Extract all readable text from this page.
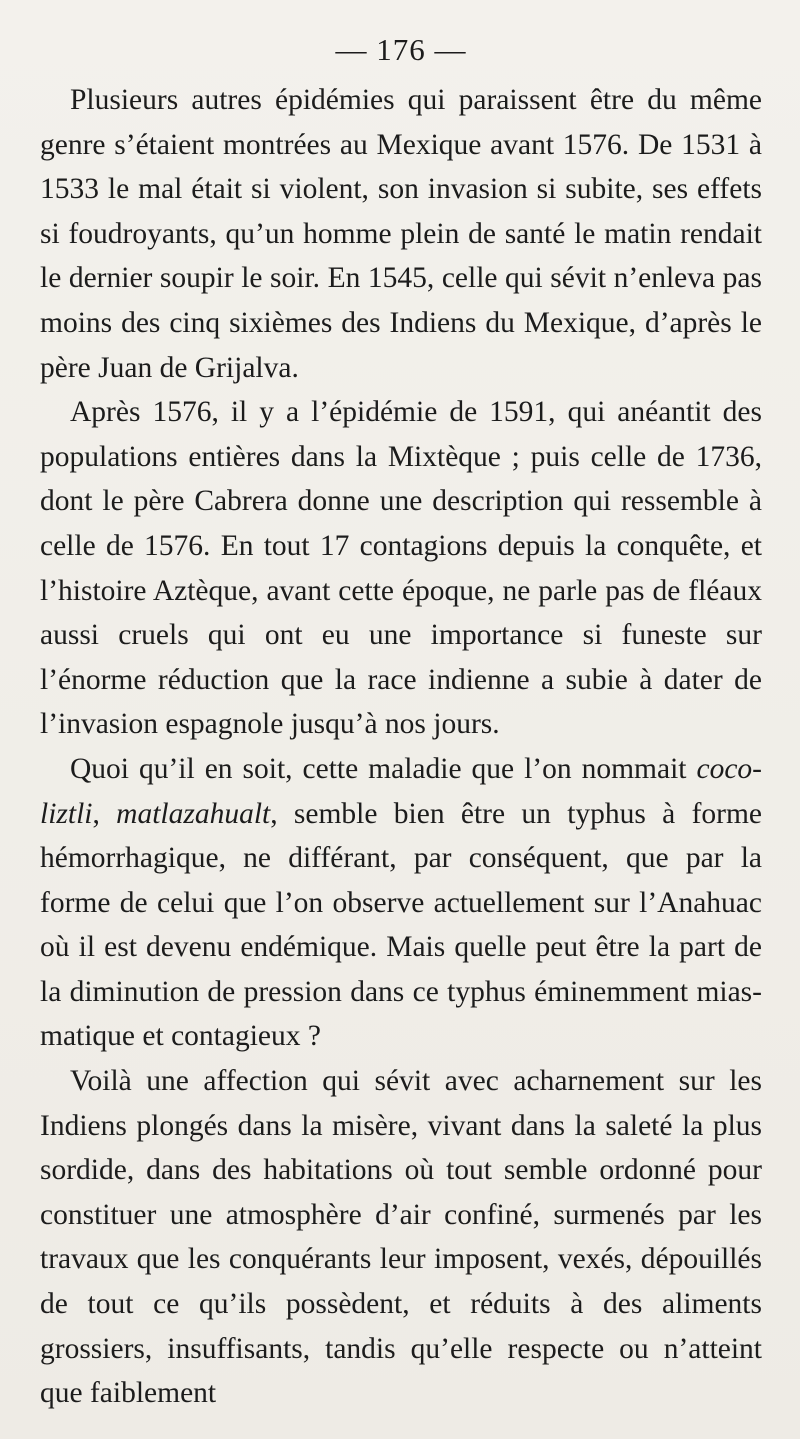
— 176 —

Plusieurs autres épidémies qui paraissent être du même genre s’étaient montrées au Mexique avant 1576. De 1531 à 1533 le mal était si violent, son invasion si subite, ses effets si foudroyants, qu’un homme plein de santé le matin rendait le dernier soupir le soir. En 1545, celle qui sévit n’enleva pas moins des cinq sixièmes des Indiens du Mexique, d’après le père Juan de Grijalva.

Après 1576, il y a l’épidémie de 1591, qui anéantit des populations entières dans la Mixtèque ; puis celle de 1736, dont le père Cabrera donne une description qui ressemble à celle de 1576. En tout 17 contagions depuis la conquête, et l’histoire Aztèque, avant cette époque, ne parle pas de fléaux aussi cruels qui ont eu une importance si funeste sur l’énorme réduction que la race indienne a subie à dater de l’invasion espagnole jusqu’à nos jours.

Quoi qu’il en soit, cette maladie que l’on nommait cocoliztli, matlazahualt, semble bien être un typhus à forme hémorrhagique, ne différant, par conséquent, que par la forme de celui que l’on observe actuellement sur l’Anahuac où il est devenu endémique. Mais quelle peut être la part de la diminution de pression dans ce typhus éminemment miasmatique et contagieux ?

Voilà une affection qui sévit avec acharnement sur les Indiens plongés dans la misère, vivant dans la saleté la plus sordide, dans des habitations où tout semble ordonné pour constituer une atmosphère d’air confiné, surmenés par les travaux que les conquérants leur imposent, vexés, dépouillés de tout ce qu’ils possèdent, et réduits à des aliments grossiers, insuffisants, tandis qu’elle respecte ou n’atteint que faiblement
